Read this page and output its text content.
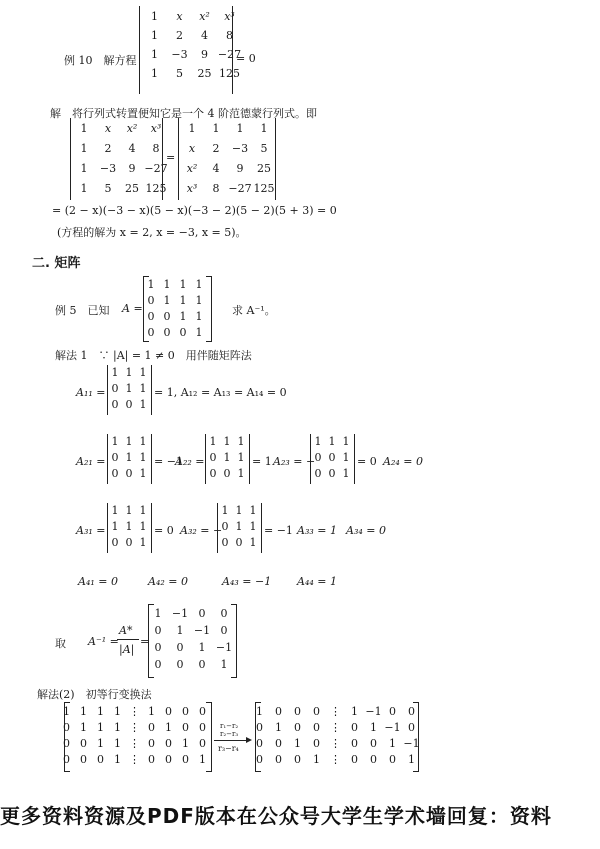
例 10　解方程
1	x	x²	x³
1	2	4	8
1	−3	9 −27
1	5	25 125
= 0
解　将行列式转置便知它是一个 4 阶范德蒙行列式。即
1	x	x²	x³
1	2	4	8
1	−3	9 −27
1	5	25 125
=
1	1	1	1
x	2	−3	5
x²	4	9	25
x³	8 −27 125
= (2 − x)(−3 − x)(5 − x)(−3 − 2)(5 − 2)(5 + 3) = 0
(方程的解为 x = 2, x = −3, x = 5)。
二. 矩阵
例 5　已知 A =
1 1 1 1
0 1 1 1
0 0 1 1
0 0 0 1
求 A⁻¹。
解法 1　∵ |A| = 1 ≠ 0　用伴随矩阵法
A₁₁ =
1 1 1
0 1 1
0 0 1
= 1, A₁₂ = A₁₃ = A₁₄ = 0
A₂₁ =
1 1 1
0 1 1
0 0 1
= −1
A₂₂ =
1 1 1
0 1 1
0 0 1
= 1 A₂₃ = −
1 1 1
0 0 1
0 0 1
= 0 A₂₄ = 0
A₃₁ =
1 1 1
1 1 1
0 0 1
= 0 A₃₂ = −
1 1 1
0 1 1
0 0 1
= −1 A₃₃ = 1 A₃₄ = 0
A₄₁ = 0	A₄₂ = 0	A₄₃ = −1 A₄₄ = 1
取 A⁻¹ =
A*
|A|
=
1 −1 0	0
0	1 −1 0
0	0	1 −1
0	0	0	1
解法(2)　初等行变换法
1 1 1 1 ⋮ 1 0 0 0
0 1 1 1 ⋮ 0 1 0 0
0 0 1 1 ⋮ 0 0 1 0
0 0 0 1 ⋮ 0 0 0 1
r₁−r₂
r₂−r₃
r₃−r₄
1	0	0	0 ⋮ 1 −1 0	0
0	1	0	0 ⋮ 0	1 −1 0
0	0	1	0 ⋮ 0	0	1 −1
0	0	0	1 ⋮ 0	0	0	1
更多资料资源及PDF版本在公众号大学生学术墙回复：资料
